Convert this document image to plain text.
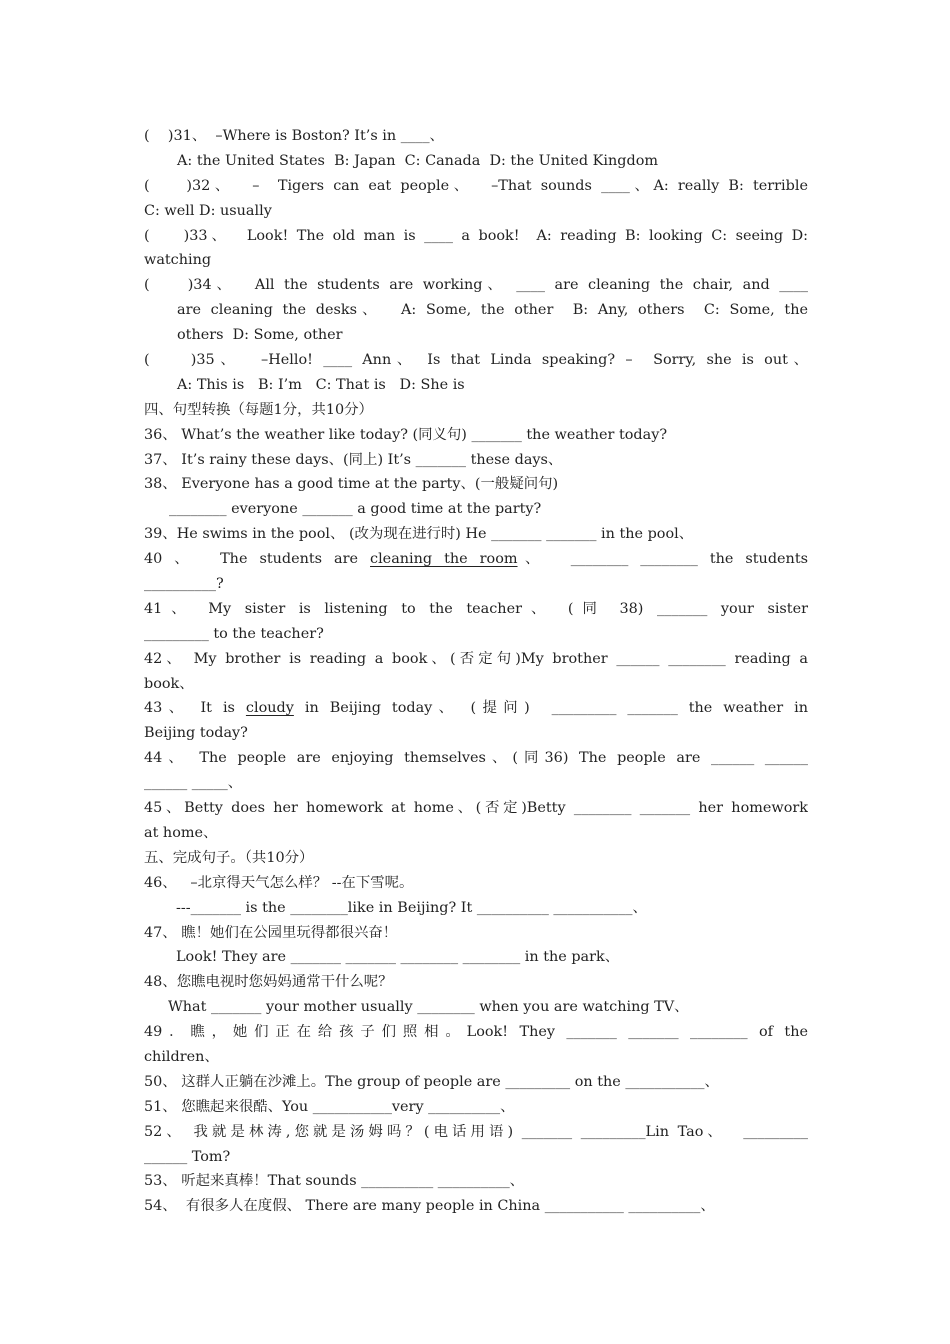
(    )31、  –Where is Boston? It’s in ____、
A: the United States  B: Japan  C: Canada  D: the United Kingdom
(    )32、  –  Tigers can eat people、  –That sounds ____、A: really B: terrible
C: well D: usually
(    )33、  Look! The old man is ____ a book!  A: reading B: looking C: seeing D:
watching
(    )34、  All the students are working、 ____ are cleaning the chair, and ____
are cleaning the desks、  A: Some, the other  B: Any, others  C: Some, the
others  D: Some, other
(    )35、  –Hello! ____ Ann、 Is that Linda speaking? –  Sorry, she is out、
A: This is   B: I’m   C: That is   D: She is
四、句型转换（每题1分，共10分）
36、 What’s the weather like today? (同义句) _______ the weather today?
37、 It’s rainy these days、(同上) It’s _______ these days、
38、 Everyone has a good time at the party、(一般疑问句)
________ everyone _______ a good time at the party?
39、He swims in the pool、 (改为现在进行时) He _______ _______ in the pool、
40 、  The students are cleaning the room、  ________ ________ the students
__________?
41、 My sister is listening to the teacher、 (同 38) _______ your sister
_________ to the teacher?
42、 My brother is reading a book、(否定句)My brother ______ ________ reading a
book、
43、 It is cloudy in Beijing today、 (提问)  _________ _______ the weather in
Beijing today?
44、 The people are enjoying themselves、(同36) The people are ______ ______
______ _____、
45、Betty does her homework at home、(否定)Betty ________ _______ her homework
at home、
五、完成句子。（共10分）
46、   –北京得天气怎么样？ --在下雪呢。
---_______ is the ________like in Beijing? It __________ ___________、
47、 瞧！她们在公园里玩得都很兴奋！
Look! They are _______ _______ ________ ________ in the park、
48、您瞧电视时您妈妈通常干什么呢？
What _______ your mother usually ________ when you are watching TV、
49．瞧，她们正在给孩子们照相。Look! They _______ _______ ________ of the
children、
50、 这群人正躺在沙滩上。The group of people are _________ on the ___________、
51、 您瞧起来很酷、You ___________very __________、
52、 我就是林涛,您就是汤姆吗？(电话用语) _______ _________Lin Tao、  _________
______ Tom?
53、 听起来真棒！That sounds __________ __________、
54、  有很多人在度假、 There are many people in China ___________ __________、
